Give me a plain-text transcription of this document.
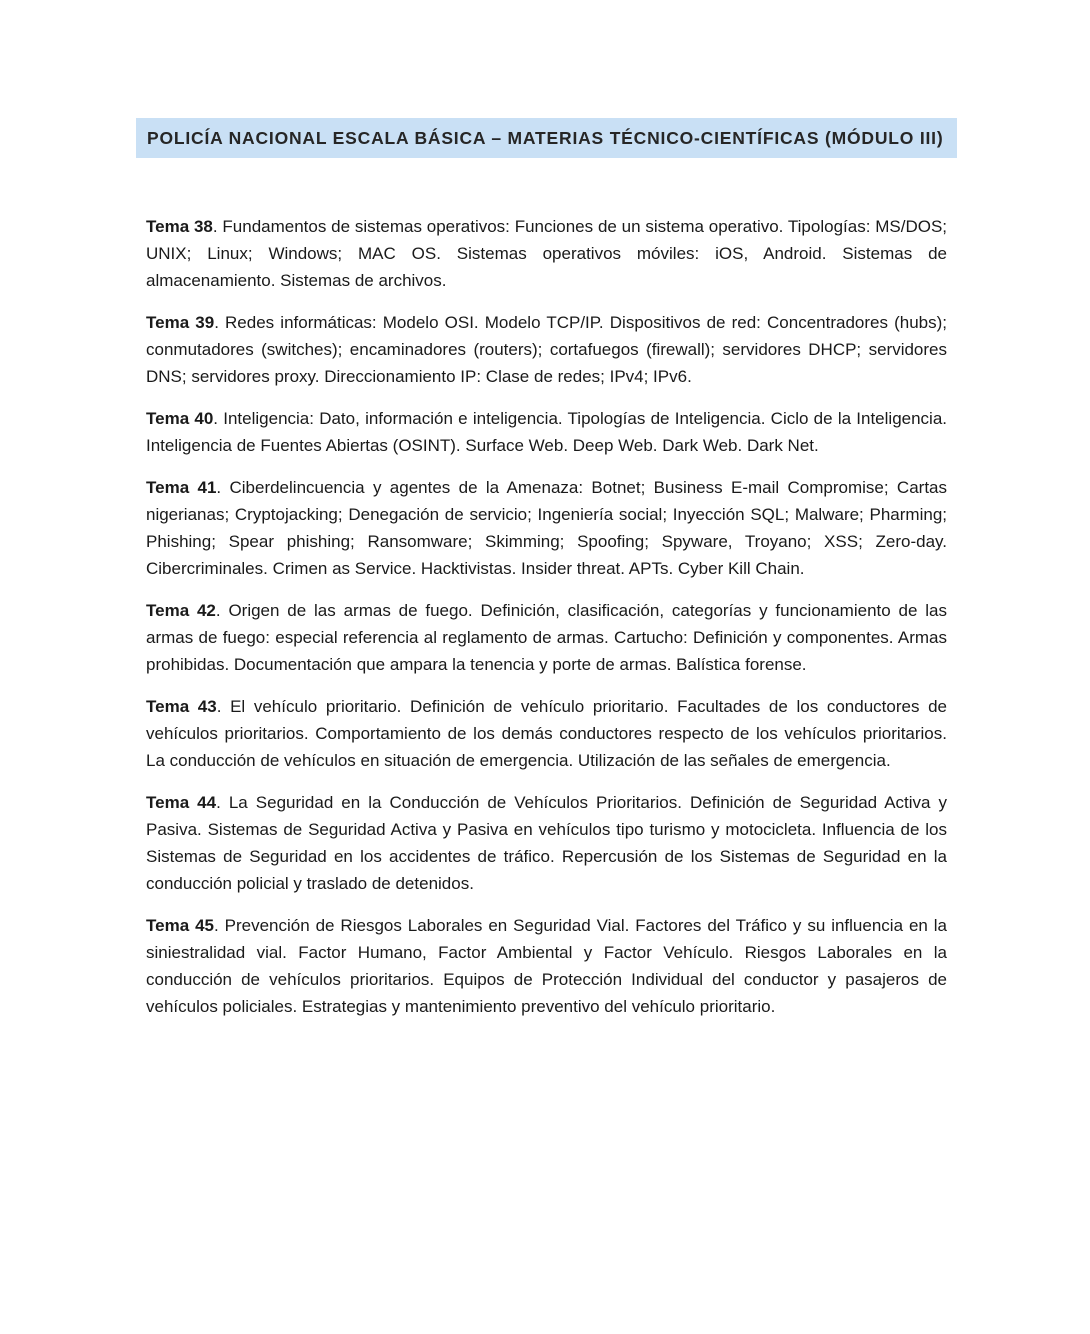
POLICÍA NACIONAL ESCALA BÁSICA – MATERIAS TÉCNICO-CIENTÍFICAS (MÓDULO III)

Tema 38. Fundamentos de sistemas operativos: Funciones de un sistema operativo. Tipologías: MS/DOS; UNIX; Linux; Windows; MAC OS. Sistemas operativos móviles: iOS, Android. Sistemas de almacenamiento. Sistemas de archivos.

Tema 39. Redes informáticas: Modelo OSI. Modelo TCP/IP. Dispositivos de red: Concentradores (hubs); conmutadores (switches); encaminadores (routers); cortafuegos (firewall); servidores DHCP; servidores DNS; servidores proxy. Direccionamiento IP: Clase de redes; IPv4; IPv6.

Tema 40. Inteligencia: Dato, información e inteligencia. Tipologías de Inteligencia. Ciclo de la Inteligencia. Inteligencia de Fuentes Abiertas (OSINT). Surface Web. Deep Web. Dark Web. Dark Net.

Tema 41. Ciberdelincuencia y agentes de la Amenaza: Botnet; Business E-mail Compromise; Cartas nigerianas; Cryptojacking; Denegación de servicio; Ingeniería social; Inyección SQL; Malware; Pharming; Phishing; Spear phishing; Ransomware; Skimming; Spoofing; Spyware, Troyano; XSS; Zero-day. Cibercriminales. Crimen as Service. Hacktivistas. Insider threat. APTs. Cyber Kill Chain.

Tema 42. Origen de las armas de fuego. Definición, clasificación, categorías y funcionamiento de las armas de fuego: especial referencia al reglamento de armas. Cartucho: Definición y componentes. Armas prohibidas. Documentación que ampara la tenencia y porte de armas. Balística forense.

Tema 43. El vehículo prioritario. Definición de vehículo prioritario. Facultades de los conductores de vehículos prioritarios. Comportamiento de los demás conductores respecto de los vehículos prioritarios. La conducción de vehículos en situación de emergencia. Utilización de las señales de emergencia.

Tema 44. La Seguridad en la Conducción de Vehículos Prioritarios. Definición de Seguridad Activa y Pasiva. Sistemas de Seguridad Activa y Pasiva en vehículos tipo turismo y motocicleta. Influencia de los Sistemas de Seguridad en los accidentes de tráfico. Repercusión de los Sistemas de Seguridad en la conducción policial y traslado de detenidos.

Tema 45. Prevención de Riesgos Laborales en Seguridad Vial. Factores del Tráfico y su influencia en la siniestralidad vial. Factor Humano, Factor Ambiental y Factor Vehículo. Riesgos Laborales en la conducción de vehículos prioritarios. Equipos de Protección Individual del conductor y pasajeros de vehículos policiales. Estrategias y mantenimiento preventivo del vehículo prioritario.
